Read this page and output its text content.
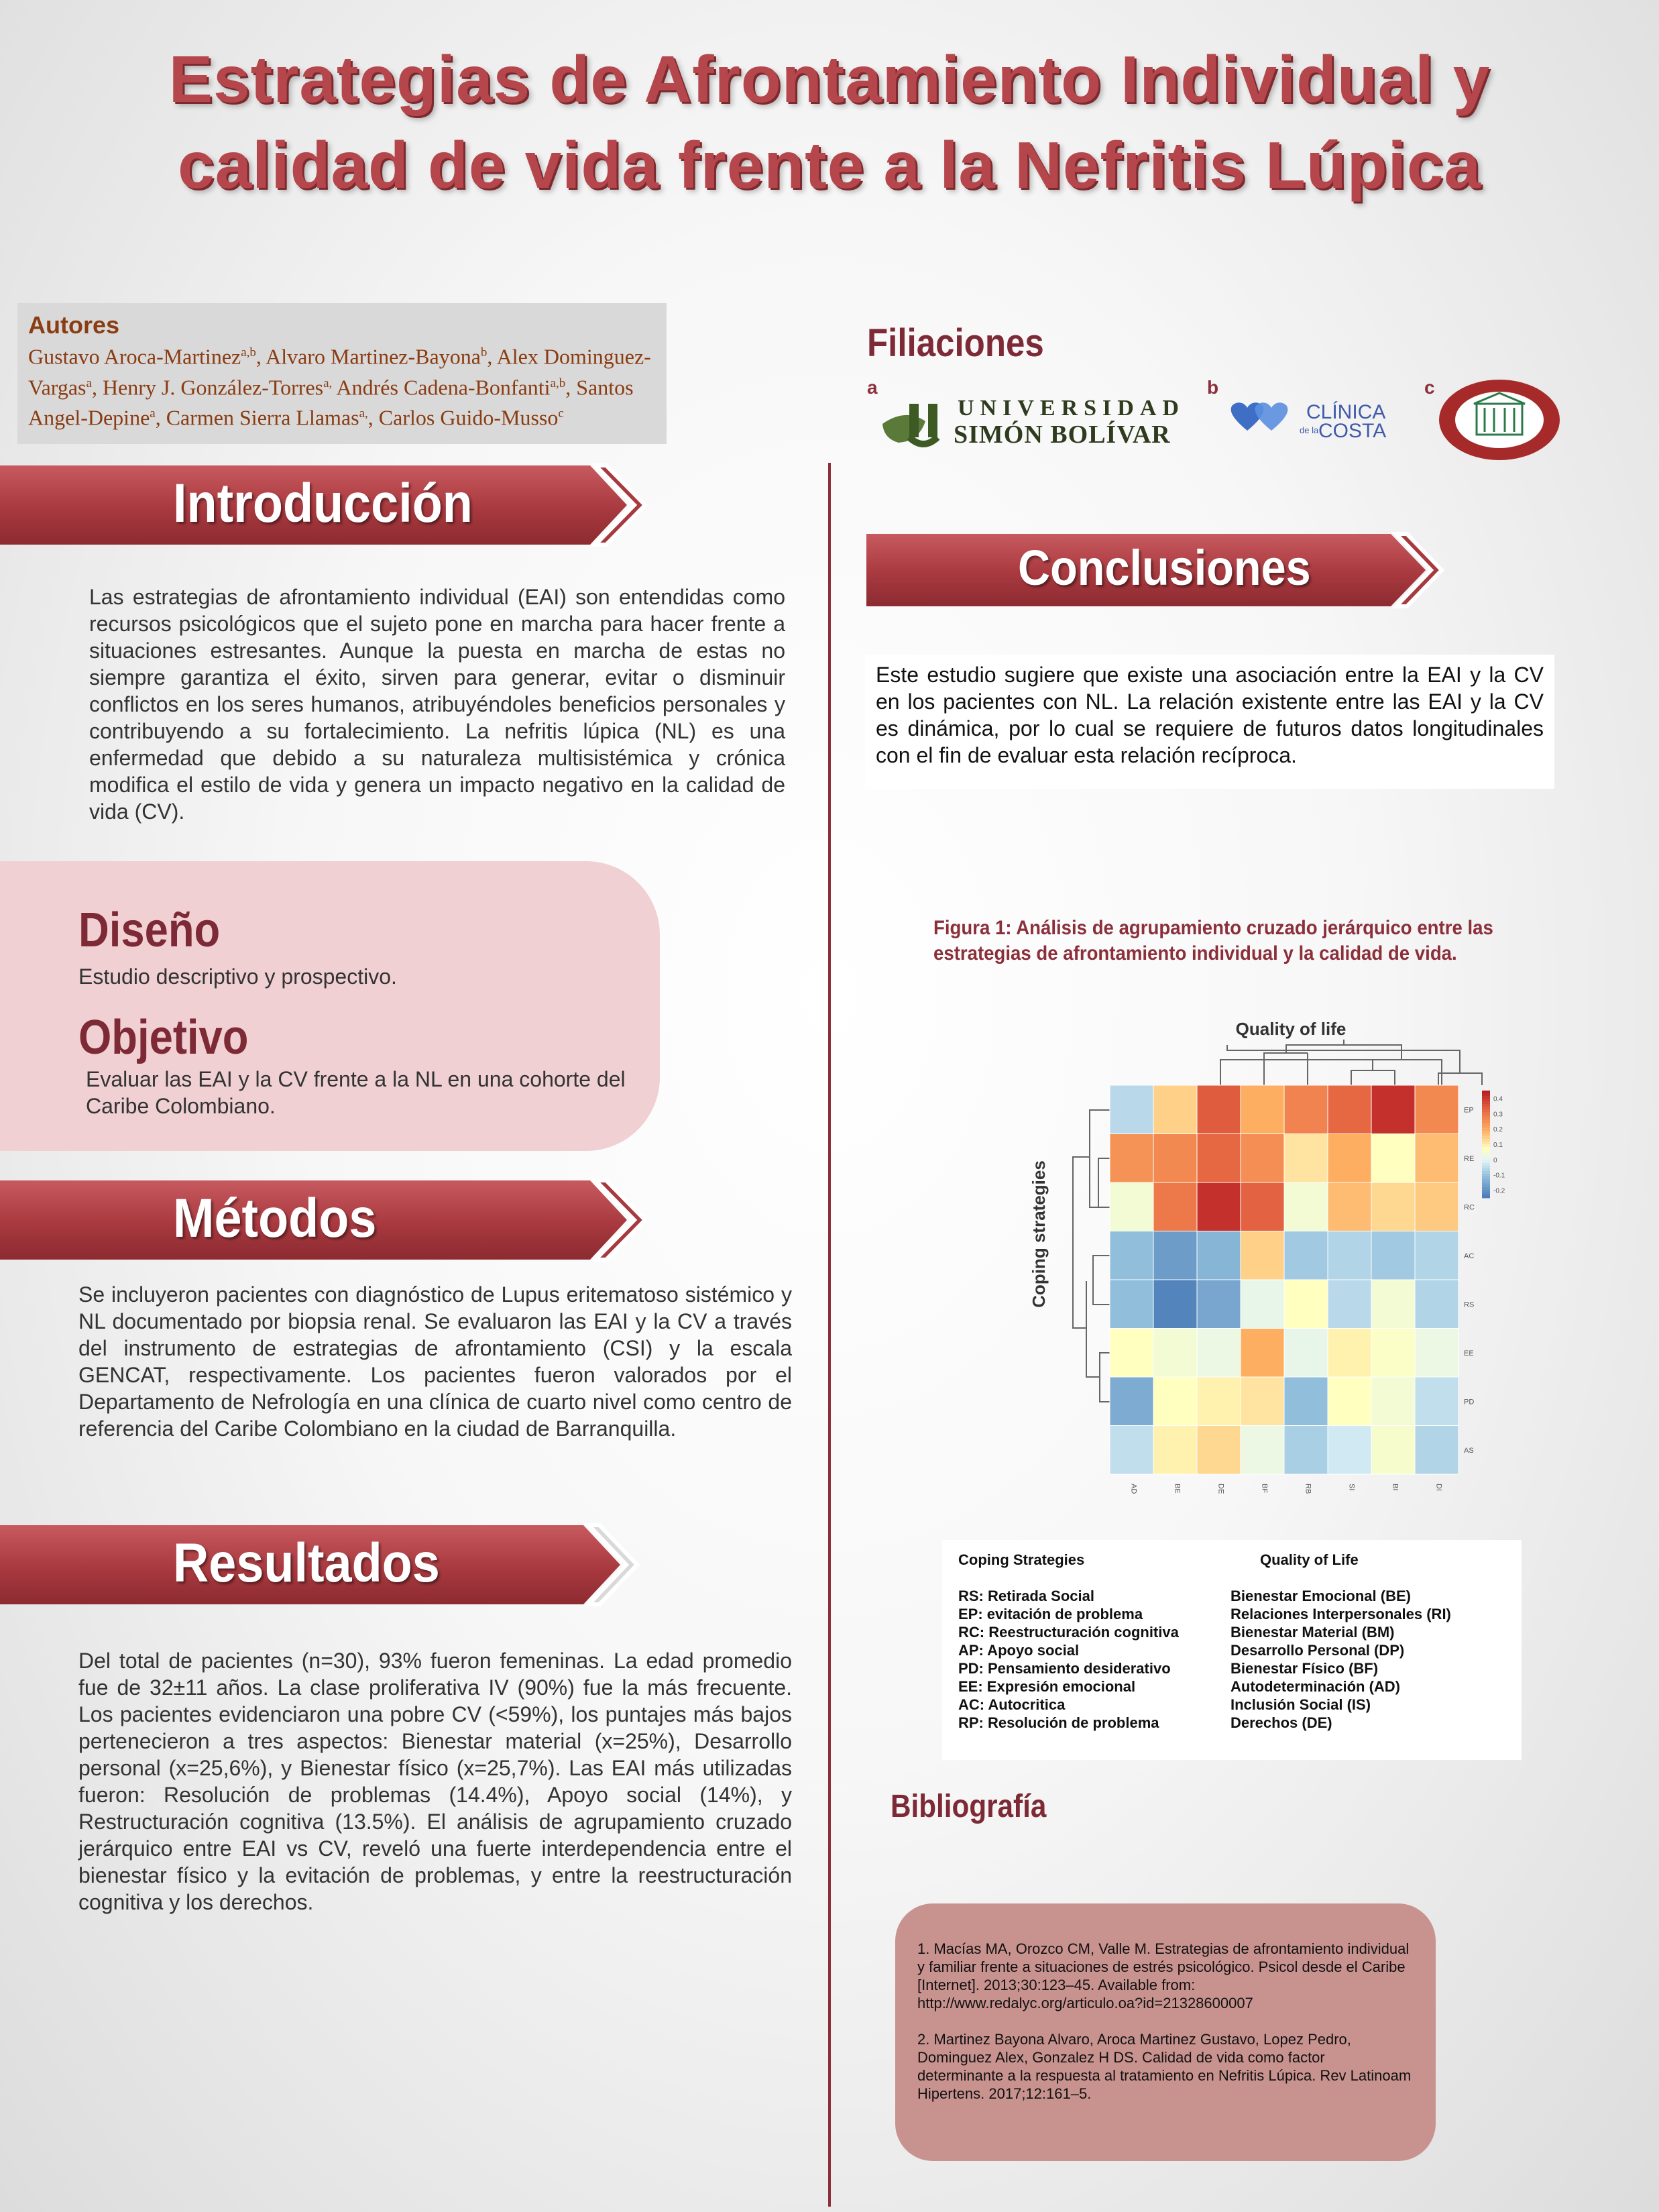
Estrategias de Afrontamiento Individual y
calidad de vida frente a la Nefritis Lúpica
Autores
Gustavo Aroca-Martinez$^{a,b}$, Alvaro Martinez-Bayona$^b$, Alex Dominguez-Vargas$^a$, Henry J. González-Torres$^{a,}$ Andrés Cadena-Bonfanti$^{a,b}$, Santos Angel-Depine$^a$, Carmen Sierra Llamas$^{a,}$, Carlos Guido-Musso$^c$
Filiaciones
a	b	c
UNIVERSIDAD
SIMÓN BOLÍVAR
CLÍNICA
de la COSTA
Introducción
Las estrategias de afrontamiento individual (EAI) son entendidas como recursos psicológicos que el sujeto pone en marcha para hacer frente a situaciones estresantes. Aunque la puesta en marcha de estas no siempre garantiza el éxito, sirven para generar, evitar o disminuir conflictos en los seres humanos, atribuyéndoles beneficios personales y contribuyendo a su fortalecimiento. La nefritis lúpica (NL) es una enfermedad que debido a su naturaleza multisistémica y crónica modifica el estilo de vida y genera un impacto negativo en la calidad de vida (CV).
Diseño
Estudio descriptivo y prospectivo.
Objetivo
Evaluar las EAI y la CV frente a la NL en una cohorte del Caribe Colombiano.
Métodos
Se incluyeron pacientes con diagnóstico de Lupus eritematoso sistémico y NL documentado por biopsia renal. Se evaluaron las EAI y la CV a través del instrumento de estrategias de afrontamiento (CSI) y la escala GENCAT, respectivamente. Los pacientes fueron valorados por el Departamento de Nefrología en una clínica de cuarto nivel como centro de referencia del Caribe Colombiano en la ciudad de Barranquilla.
Resultados
Del total de pacientes (n=30), 93% fueron femeninas. La edad promedio fue de 32±11 años. La clase proliferativa IV (90%) fue la más frecuente. Los pacientes evidenciaron una pobre CV (<59%), los puntajes más bajos pertenecieron a tres aspectos: Bienestar material (x=25%), Desarrollo personal (x=25,6%), y Bienestar físico (x=25,7%). Las EAI más utilizadas fueron: Resolución de problemas (14.4%), Apoyo social (14%), y Restructuración cognitiva (13.5%). El análisis de agrupamiento cruzado jerárquico entre EAI vs CV, reveló una fuerte interdependencia entre el bienestar físico y la evitación de problemas, y entre la reestructuración cognitiva y los derechos.
Conclusiones
Este estudio sugiere que existe una asociación entre la EAI y la CV en los pacientes con NL. La relación existente entre las EAI y la CV es dinámica, por lo cual se requiere de futuros datos longitudinales con el fin de evaluar esta relación recíproca.
Figura 1: Análisis de agrupamiento cruzado jerárquico entre las estrategias de afrontamiento individual y la calidad de vida.
Quality of life
Coping strategies
EP
RE
RC
AC
RS
EE
PD
AS
AD	BE	DE	BF	RB	SI	BI	DI
0.4
0.3
0.2
0.1
0
-0.1
-0.2
Coping Strategies

RS: Retirada Social
EP: evitación de problema
RC: Reestructuración cognitiva
AP: Apoyo social
PD: Pensamiento desiderativo
EE: Expresión emocional
AC: Autocritica
RP: Resolución de problema
Quality of Life

Bienestar Emocional (BE)
Relaciones Interpersonales (RI)
Bienestar Material (BM)
Desarrollo Personal (DP)
Bienestar Físico (BF)
Autodeterminación (AD)
Inclusión Social (IS)
Derechos (DE)
Bibliografía

1. Macías MA, Orozco CM, Valle M. Estrategias de afrontamiento individual y familiar frente a situaciones de estrés psicológico. Psicol desde el Caribe [Internet]. 2013;30:123–45. Available from: http://www.redalyc.org/articulo.oa?id=21328600007

2. Martinez Bayona Alvaro, Aroca Martinez Gustavo, Lopez Pedro, Dominguez Alex, Gonzalez H DS. Calidad de vida como factor determinante a la respuesta al tratamiento en Nefritis Lúpica. Rev Latinoam Hipertens. 2017;12:161–5.
